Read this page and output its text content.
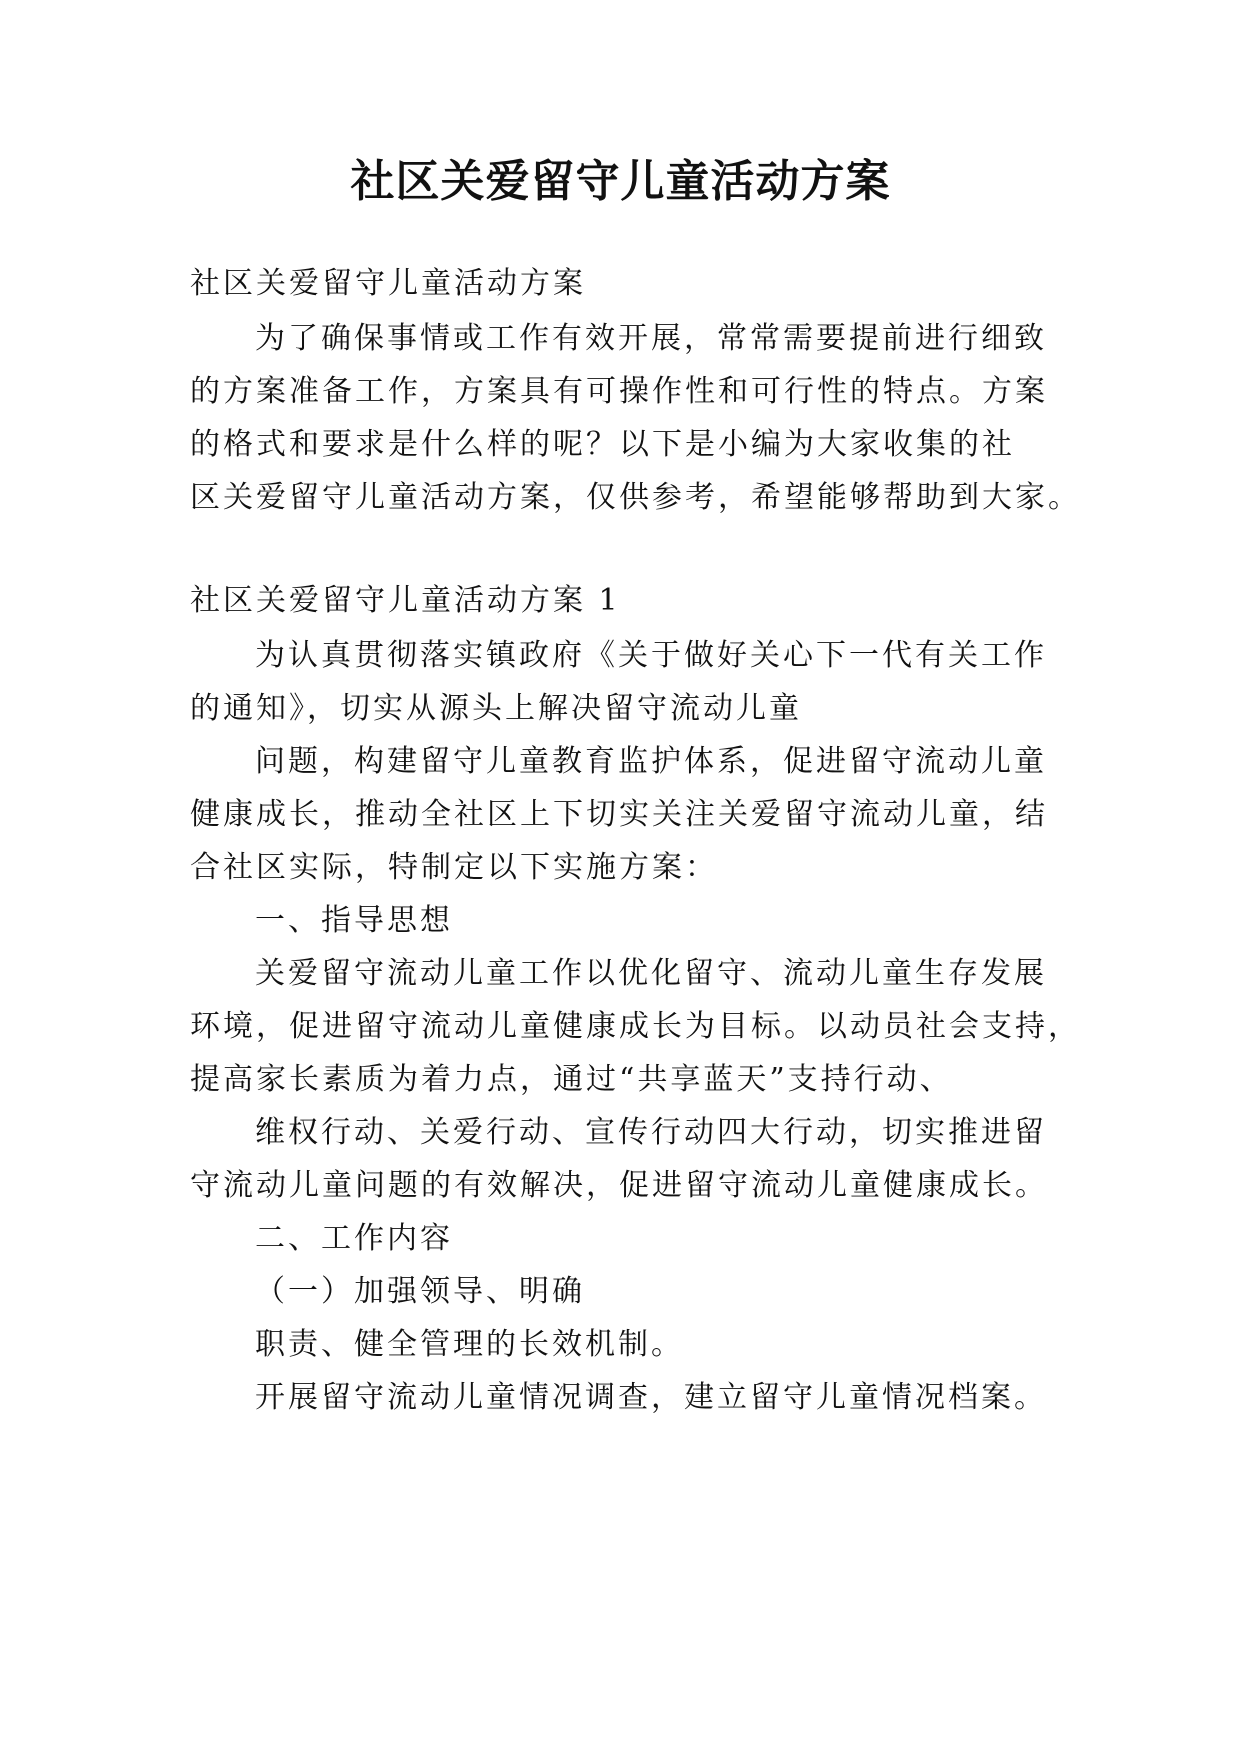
社区关爱留守儿童活动方案

社区关爱留守儿童活动方案

为了确保事情或工作有效开展，常常需要提前进行细致

的方案准备工作，方案具有可操作性和可行性的特点。方案

的格式和要求是什么样的呢？以下是小编为大家收集的社

区关爱留守儿童活动方案，仅供参考，希望能够帮助到大家。

社区关爱留守儿童活动方案 1

为认真贯彻落实镇政府《关于做好关心下一代有关工作

的通知》，切实从源头上解决留守流动儿童

问题，构建留守儿童教育监护体系，促进留守流动儿童

健康成长，推动全社区上下切实关注关爱留守流动儿童，结

合社区实际，特制定以下实施方案：

一、指导思想

关爱留守流动儿童工作以优化留守、流动儿童生存发展

环境，促进留守流动儿童健康成长为目标。以动员社会支持，

提高家长素质为着力点，通过“共享蓝天”支持行动、

维权行动、关爱行动、宣传行动四大行动，切实推进留

守流动儿童问题的有效解决，促进留守流动儿童健康成长。

二、工作内容

（一）加强领导、明确

职责、健全管理的长效机制。

开展留守流动儿童情况调查，建立留守儿童情况档案。
